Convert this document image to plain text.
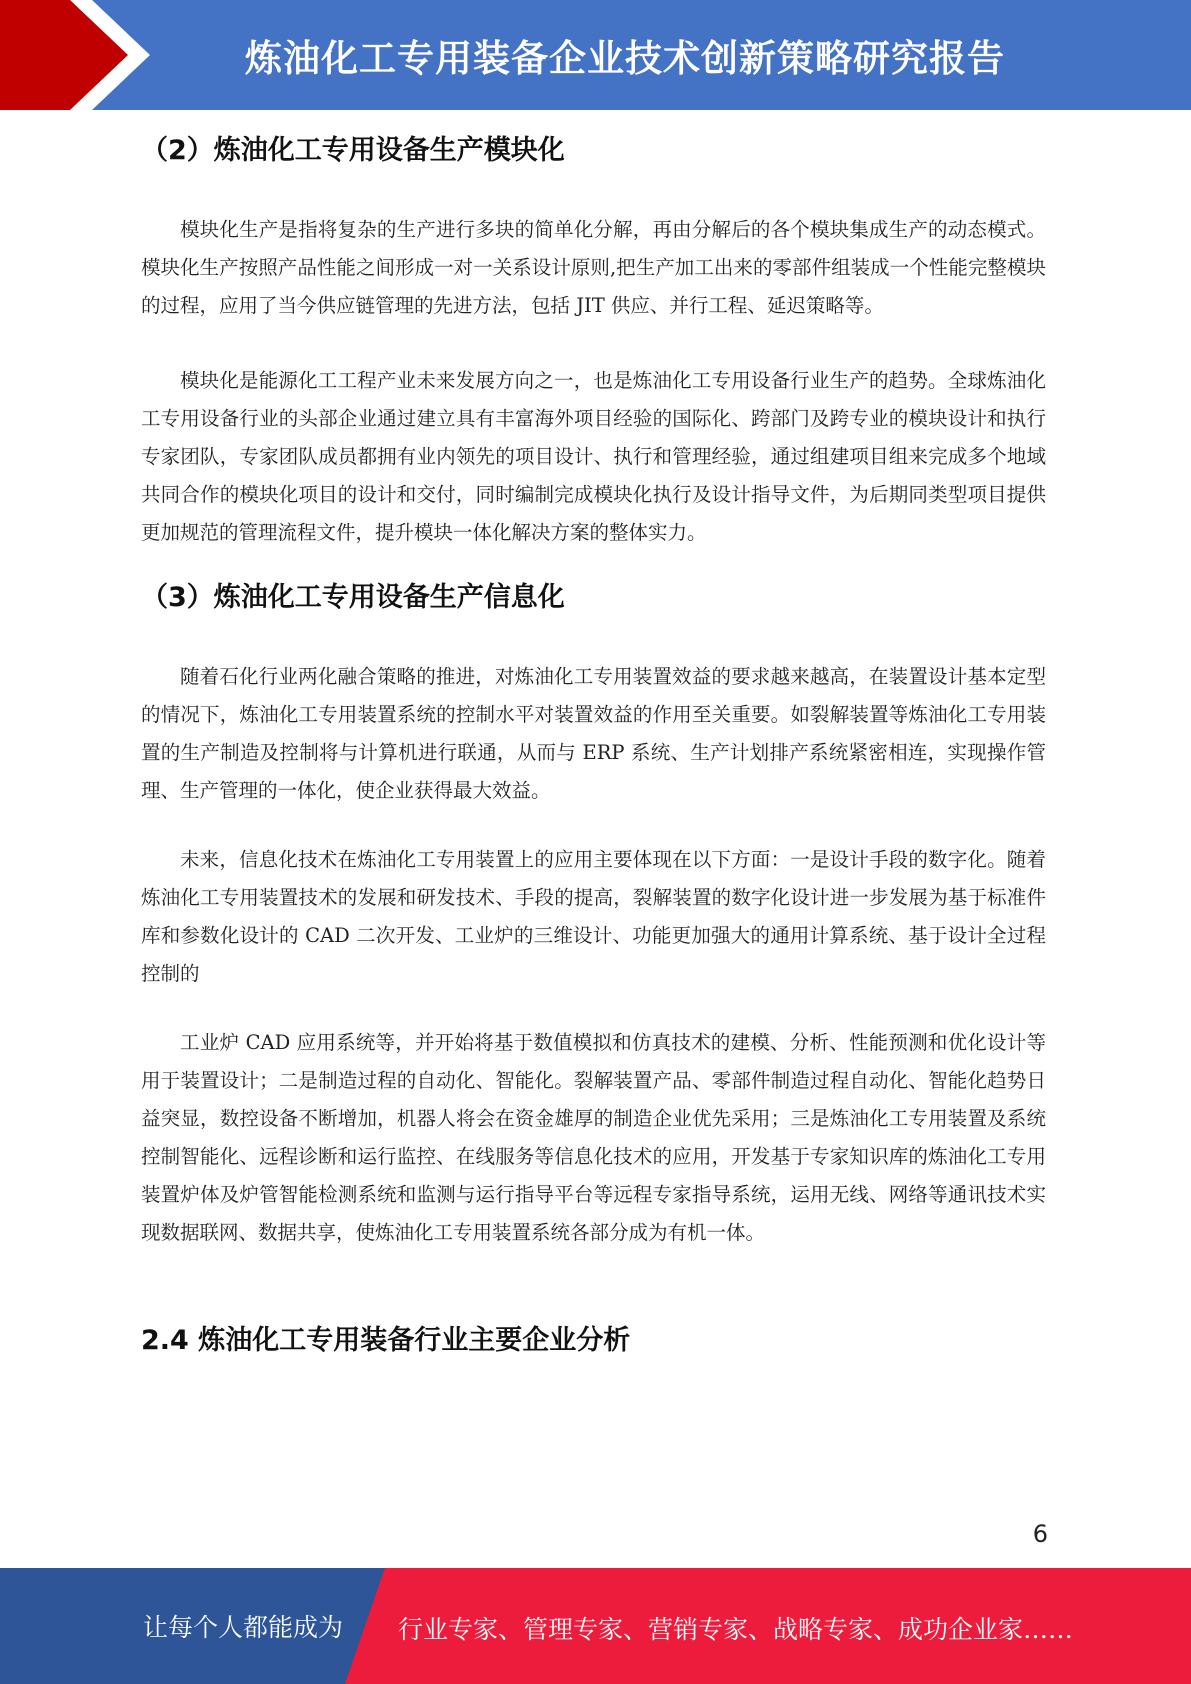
炼油化工专用装备企业技术创新策略研究报告
（2）炼油化工专用设备生产模块化

模块化生产是指将复杂的生产进行多块的简单化分解，再由分解后的各个模块集成生产的动态模式。模块化生产按照产品性能之间形成一对一关系设计原则,把生产加工出来的零部件组装成一个性能完整模块的过程，应用了当今供应链管理的先进方法，包括 JIT 供应、并行工程、延迟策略等。

模块化是能源化工工程产业未来发展方向之一，也是炼油化工专用设备行业生产的趋势。全球炼油化工专用设备行业的头部企业通过建立具有丰富海外项目经验的国际化、跨部门及跨专业的模块设计和执行专家团队，专家团队成员都拥有业内领先的项目设计、执行和管理经验，通过组建项目组来完成多个地域共同合作的模块化项目的设计和交付，同时编制完成模块化执行及设计指导文件，为后期同类型项目提供更加规范的管理流程文件，提升模块一体化解决方案的整体实力。

（3）炼油化工专用设备生产信息化

随着石化行业两化融合策略的推进，对炼油化工专用装置效益的要求越来越高，在装置设计基本定型的情况下，炼油化工专用装置系统的控制水平对装置效益的作用至关重要。如裂解装置等炼油化工专用装置的生产制造及控制将与计算机进行联通，从而与 ERP 系统、生产计划排产系统紧密相连，实现操作管理、生产管理的一体化，使企业获得最大效益。

未来，信息化技术在炼油化工专用装置上的应用主要体现在以下方面：一是设计手段的数字化。随着炼油化工专用装置技术的发展和研发技术、手段的提高，裂解装置的数字化设计进一步发展为基于标准件库和参数化设计的 CAD 二次开发、工业炉的三维设计、功能更加强大的通用计算系统、基于设计全过程控制的

工业炉 CAD 应用系统等，并开始将基于数值模拟和仿真技术的建模、分析、性能预测和优化设计等用于装置设计；二是制造过程的自动化、智能化。裂解装置产品、零部件制造过程自动化、智能化趋势日益突显，数控设备不断增加，机器人将会在资金雄厚的制造企业优先采用；三是炼油化工专用装置及系统控制智能化、远程诊断和运行监控、在线服务等信息化技术的应用，开发基于专家知识库的炼油化工专用装置炉体及炉管智能检测系统和监测与运行指导平台等远程专家指导系统，运用无线、网络等通讯技术实现数据联网、数据共享，使炼油化工专用装置系统各部分成为有机一体。

2.4 炼油化工专用装备行业主要企业分析
6
让每个人都能成为 行业专家、管理专家、营销专家、战略专家、成功企业家……
